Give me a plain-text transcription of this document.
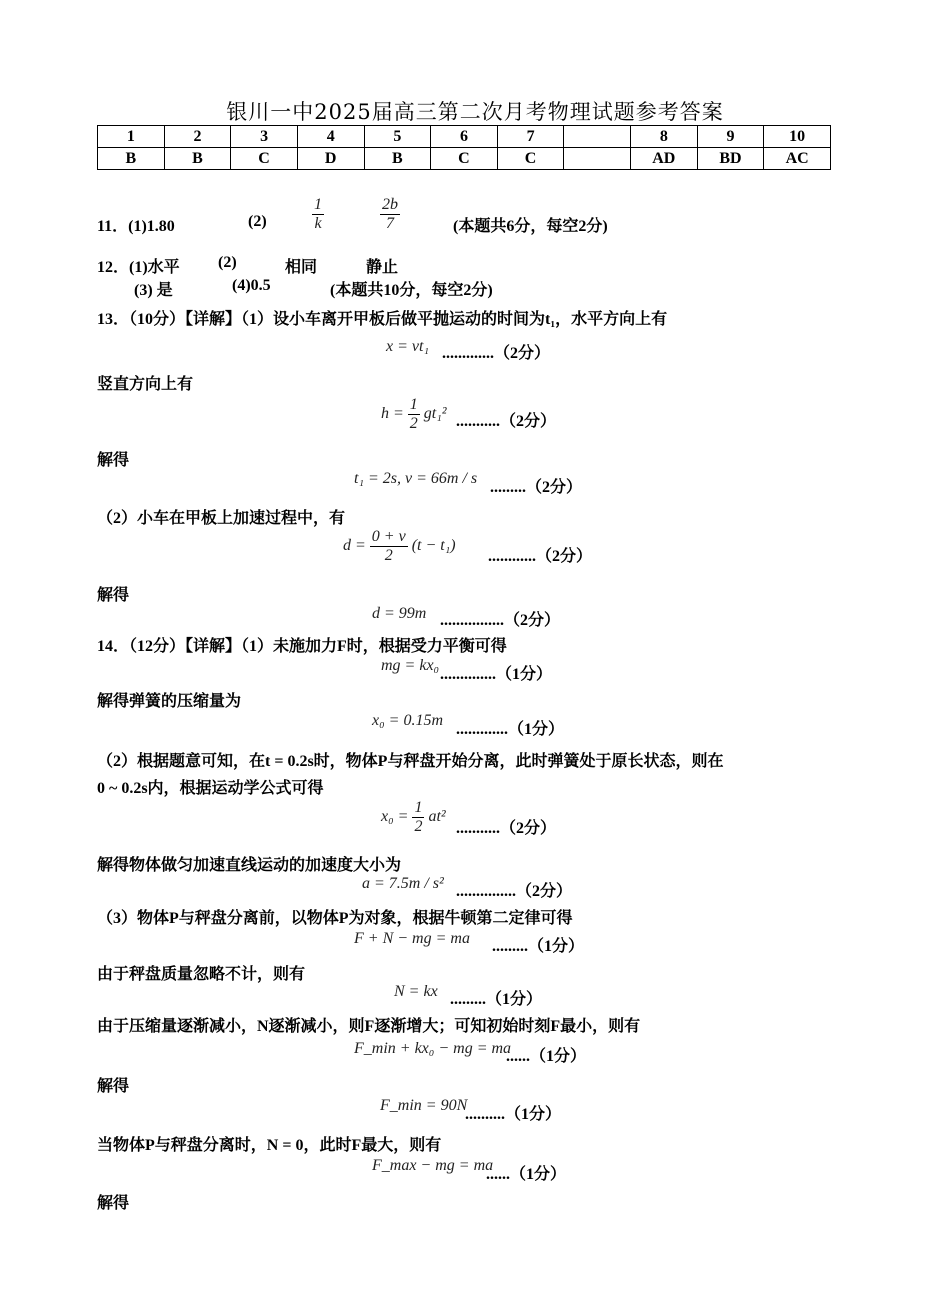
银川一中2025届高三第二次月考物理试题参考答案
1	2	3	4	5	6	7		8	9	10
B	B	C	D	B	C	C		AD	BD	AC
11．(1)1.80	(2)	$\frac{1}{k}$	$\frac{2b}{7}$	(本题共6分，每空2分)
12．(1)水平 (2)	相同	静止
(3) 是	(4)0.5	(本题共10分，每空2分)
13．（10分）【详解】（1）设小车离开甲板后做平抛运动的时间为t₁，水平方向上有
x = vt₁ .............（2分）
竖直方向上有
$h = \frac{1}{2} gt_1^2$ ...........（2分）
解得
t₁ = 2s, v = 66m / s
.........（2分）
（2）小车在甲板上加速过程中，有
$d = \frac{0 + v}{2} (t - t_1)$
............（2分）
解得
d = 99m ................（2分）
14．（12分）【详解】（1）未施加力F时，根据受力平衡可得
mg = kx₀
..............（1分）
解得弹簧的压缩量为
x₀ = 0.15m
.............（1分）
（2）根据题意可知，在t = 0.2s时，物体P与秤盘开始分离，此时弹簧处于原长状态，则在
0 ~ 0.2s内，根据运动学公式可得
$x_0 = \frac{1}{2} at^2$
...........（2分）
解得物体做匀加速直线运动的加速度大小为
a = 7.5m / s² ...............（2分）
（3）物体P与秤盘分离前，以物体P为对象，根据牛顿第二定律可得
F + N − mg = ma .........（1分）
由于秤盘质量忽略不计，则有
N = kx .........（1分）
由于压缩量逐渐减小，N逐渐减小，则F逐渐增大；可知初始时刻F最小，则有
F_min + kx₀ − mg = ma
......（1分）
解得
F_min = 90N
..........（1分）
当物体P与秤盘分离时，N = 0，此时F最大，则有
F_max − mg = ma
......（1分）
解得
